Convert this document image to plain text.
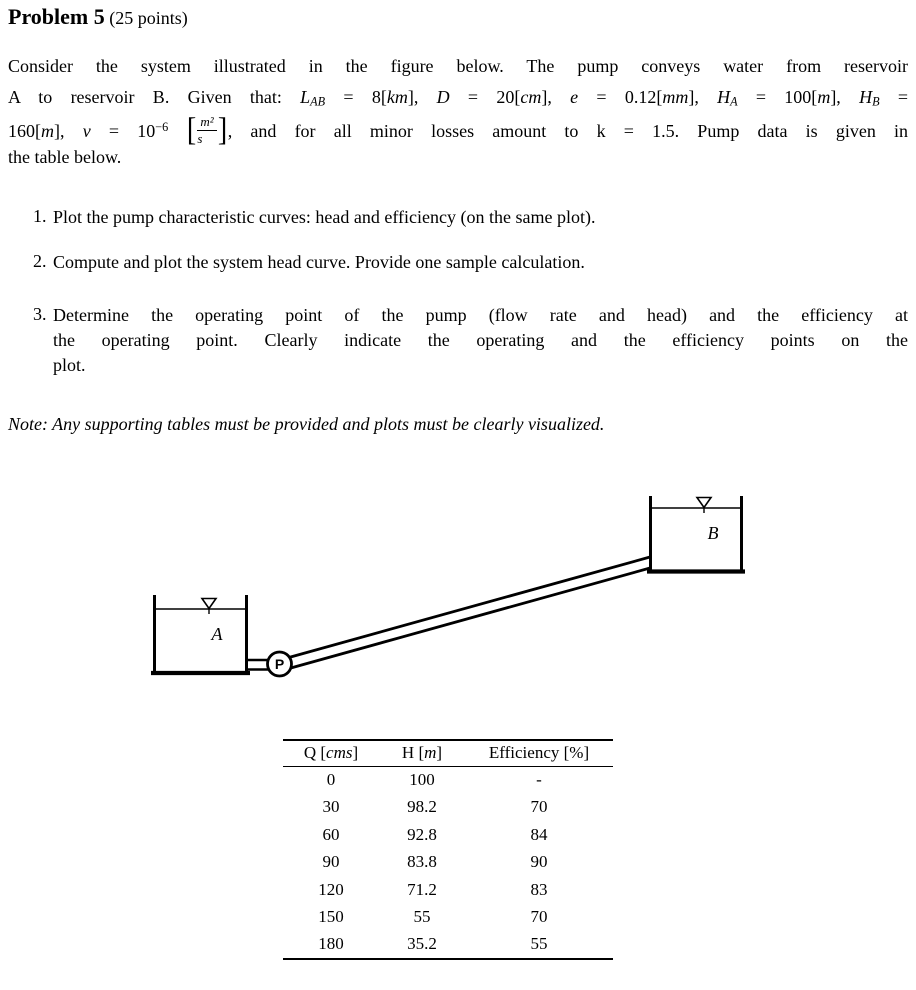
Problem 5 (25 points)
Consider the system illustrated in the figure below. The pump conveys water from reservoir
A to reservoir B. Given that: LAB = 8[km], D = 20[cm], e = 0.12[mm], HA = 100[m], HB =
160[m], $\nu = 10^{-6}$ [ $\frac{\text{m²}}{s}$ ], and for all minor losses amount to k = 1.5. Pump data is given in
the table below.
1. Plot the pump characteristic curves: head and efficiency (on the same plot).
2. Compute and plot the system head curve. Provide one sample calculation.
3. Determine the operating point of the pump (flow rate and head) and the efficiency at
the operating point. Clearly indicate the operating and the efficiency points on the
plot.
Note: Any supporting tables must be provided and plots must be clearly visualized.
A
B
P
Q [cms]	H [m]	Efficiency [%]
0	100	-
30	98.2	70
60	92.8	84
90	83.8	90
120	71.2	83
150	55	70
180	35.2	55
